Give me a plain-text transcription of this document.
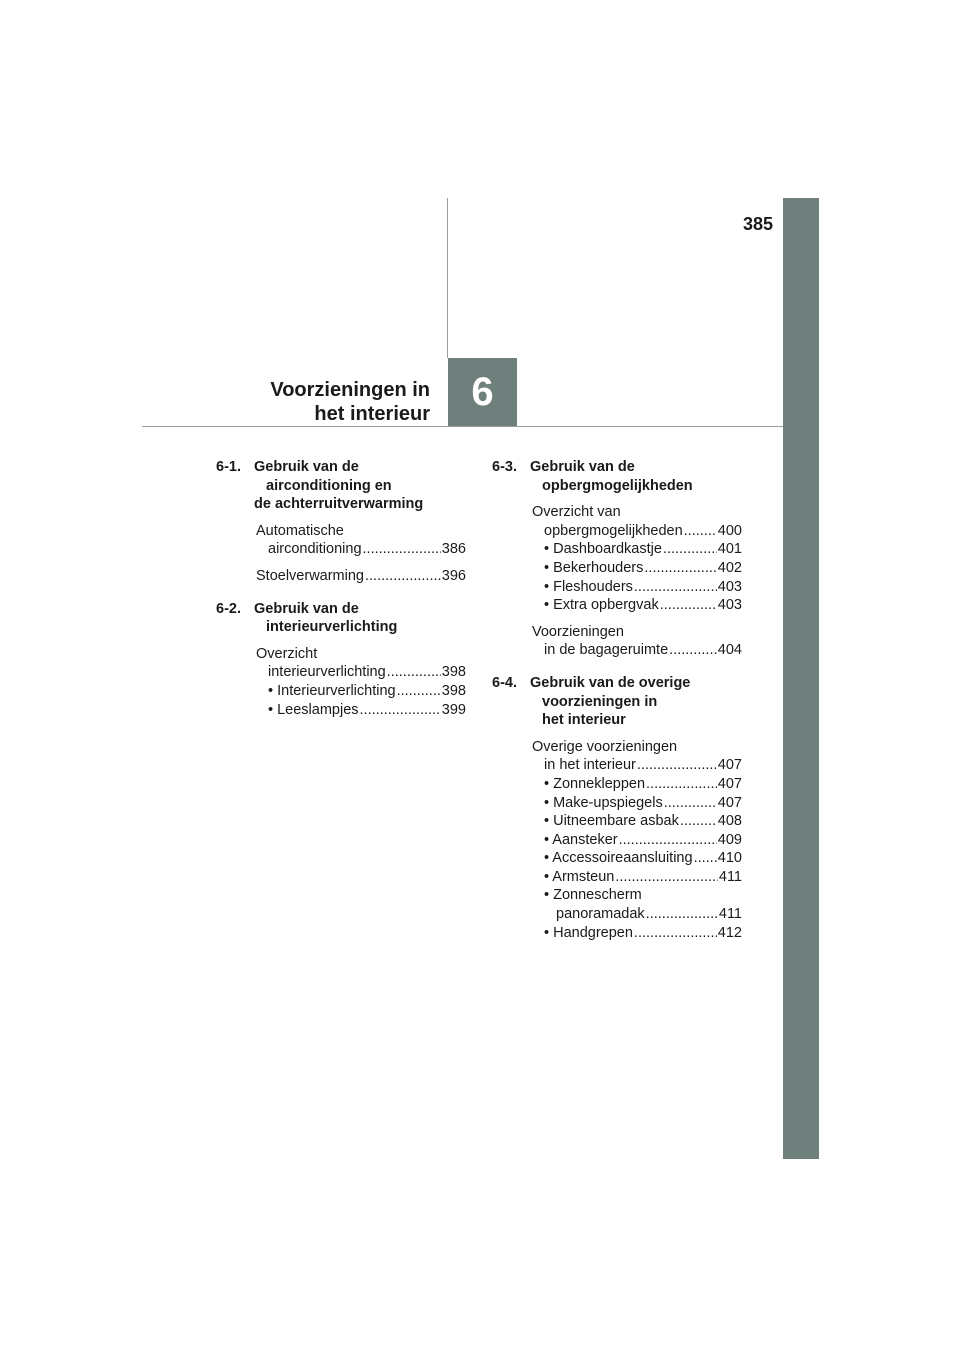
6
385
Voorzieningen in
het interieur
6-1. Gebruik van de
airconditioning en
de achterruitverwarming
Automatische
airconditioning .....	386
Stoelverwarming .....	396
6-2. Gebruik van de
interieurverlichting
Overzicht
interieurverlichting .....	398
• Interieurverlichting .....	398
• Leeslampjes .....	399
6-3. Gebruik van de
opbergmogelijkheden
Overzicht van
opbergmogelijkheden ..... 400
• Dashboardkastje .....	401
• Bekerhouders .....	402
• Fleshouders .....	403
• Extra opbergvak .....	403
Voorzieningen
in de bagageruimte .....	404
6-4. Gebruik van de overige
voorzieningen in
het interieur
Overige voorzieningen
in het interieur .....	407
• Zonnekleppen .....	407
• Make-upspiegels .....	407
• Uitneembare asbak .....	408
• Aansteker .....	409
• Accessoireaansluiting ..... 410
• Armsteun .....	411
• Zonnescherm
panoramadak .....	411
• Handgrepen .....	412
